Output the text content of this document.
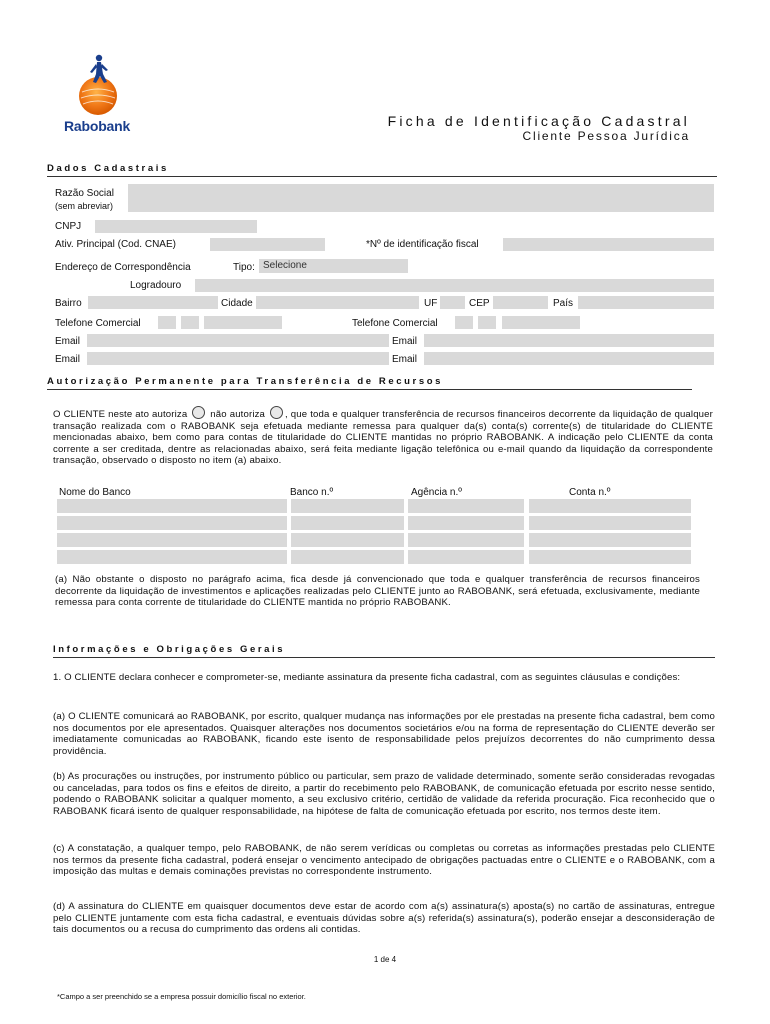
Rabobank	Ficha de Identificação Cadastral
Cliente Pessoa Jurídica
Dados Cadastrais
Razão Social
(sem abreviar)
CNPJ
Ativ. Principal (Cod. CNAE)	*Nº de identificação fiscal
Endereço de Correspondência	Tipo: Selecione
Logradouro
Bairro	Cidade	UF	CEP	País
Telefone Comercial	Telefone Comercial
Email	Email
Email	Email
Autorização Permanente para Transferência de Recursos
O CLIENTE neste ato autoriza não autoriza , que toda e qualquer transferência de recursos financeiros decorrente da liquidação de qualquer transação realizada com o RABOBANK seja efetuada mediante remessa para qualquer da(s) conta(s) corrente(s) de titularidade do CLIENTE mencionadas abaixo, bem como para contas de titularidade do CLIENTE mantidas no próprio RABOBANK. A indicação pelo CLIENTE da conta corrente a ser creditada, dentre as relacionadas abaixo, será feita mediante ligação telefônica ou e-mail quando da liquidação da correspondente transação, observado o disposto no item (a) abaixo.
Nome do Banco	Banco n.º	Agência n.º	Conta n.º
(a) Não obstante o disposto no parágrafo acima, fica desde já convencionado que toda e qualquer transferência de recursos financeiros decorrente da liquidação de investimentos e aplicações realizadas pelo CLIENTE junto ao RABOBANK, será efetuada, exclusivamente, mediante remessa para conta corrente de titularidade do CLIENTE mantida no próprio RABOBANK.
Informações e Obrigações Gerais
1. O CLIENTE declara conhecer e comprometer-se, mediante assinatura da presente ficha cadastral, com as seguintes cláusulas e condições:
(a) O CLIENTE comunicará ao RABOBANK, por escrito, qualquer mudança nas informações por ele prestadas na presente ficha cadastral, bem como nos documentos por ele apresentados. Quaisquer alterações nos documentos societários e/ou na forma de representação do CLIENTE deverão ser imediatamente comunicadas ao RABOBANK, ficando este isento de responsabilidade pelos prejuízos decorrentes do não cumprimento dessa providência.
(b) As procurações ou instruções, por instrumento público ou particular, sem prazo de validade determinado, somente serão consideradas revogadas ou canceladas, para todos os fins e efeitos de direito, a partir do recebimento pelo RABOBANK, de comunicação efetuada por escrito nesse sentido, podendo o RABOBANK solicitar a qualquer momento, a seu exclusivo critério, certidão de validade da referida procuração. Fica reconhecido que o RABOBANK ficará isento de qualquer responsabilidade, na hipótese de falta de comunicação efetuada por escrito, nos termos deste item.
(c) A constatação, a qualquer tempo, pelo RABOBANK, de não serem verídicas ou completas ou corretas as informações prestadas pelo CLIENTE nos termos da presente ficha cadastral, poderá ensejar o vencimento antecipado de obrigações pactuadas entre o CLIENTE e o RABOBANK, com a imposição das multas e demais cominações previstas no correspondente instrumento.
(d) A assinatura do CLIENTE em quaisquer documentos deve estar de acordo com a(s) assinatura(s) aposta(s) no cartão de assinaturas, entregue pelo CLIENTE juntamente com esta ficha cadastral, e eventuais dúvidas sobre a(s) referida(s) assinatura(s), poderão ensejar a desconsideração de tais documentos ou a recusa do cumprimento das ordens ali contidas.
1 de 4
*Campo a ser preenchido se a empresa possuir domicílio fiscal no exterior.
